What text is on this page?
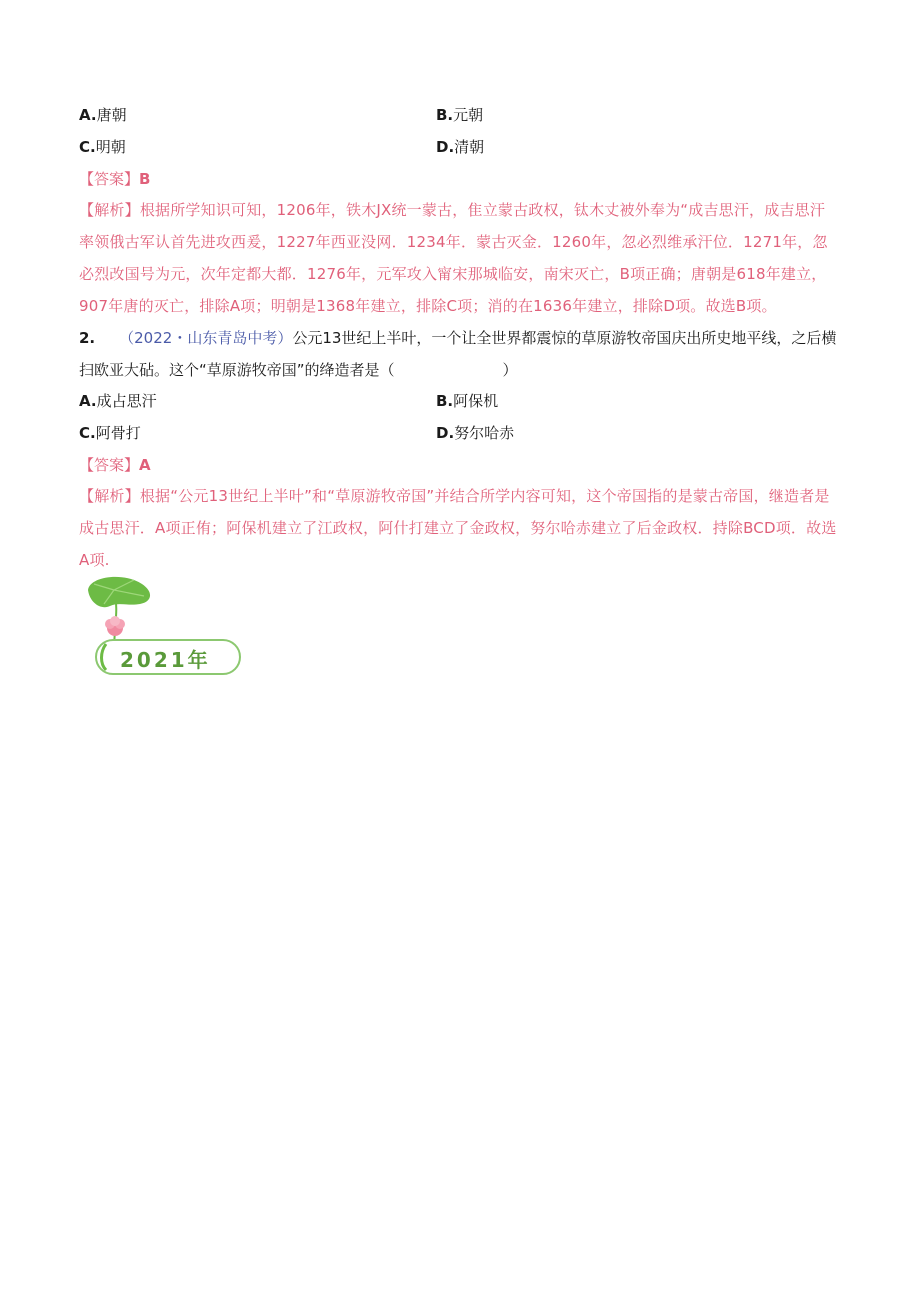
A.唐朝	B.元朝
C.明朝	D.清朝
【答案】B
【解析】根据所学知识可知，1206年，铁木JX统一蒙古，隹立蒙古政权，钛木丈被外奉为“成吉思汗，成吉思汗率领俄古军认首先进攻西爰，1227年西亚没网．1234年．蒙古灭金．1260年，忽必烈维承汗位．1271年，忽必烈改国号为元，次年定都大都．1276年，元军攻入甯宋那城临安，南宋灭亡，B项正确；唐朝是618年建立，907年唐的灭亡，排除A项；明朝是1368年建立，排除C项；消的在1636年建立，排除D项。故选B项。
2. （2022・山东青岛中考）公元13世纪上半叶，一个让全世界都震惊的草原游牧帝国庆出所史地平线，之后横扫欧亚大砧。这个“草原游牧帝国”的绛造者是（	）
A.成占思汗	B.阿保机
C.阿骨打	D.努尔哈赤
【答案】A
【解析】根据“公元13世纪上半叶”和“草原游牧帝国”并结合所学内容可知，这个帝国指的是蒙古帝国，继造者是成古思汗．A项正侑；阿保机建立了江政权，阿什打建立了金政权，努尔哈赤建立了后金政权．持除BCD项．故选A项.
2021年
